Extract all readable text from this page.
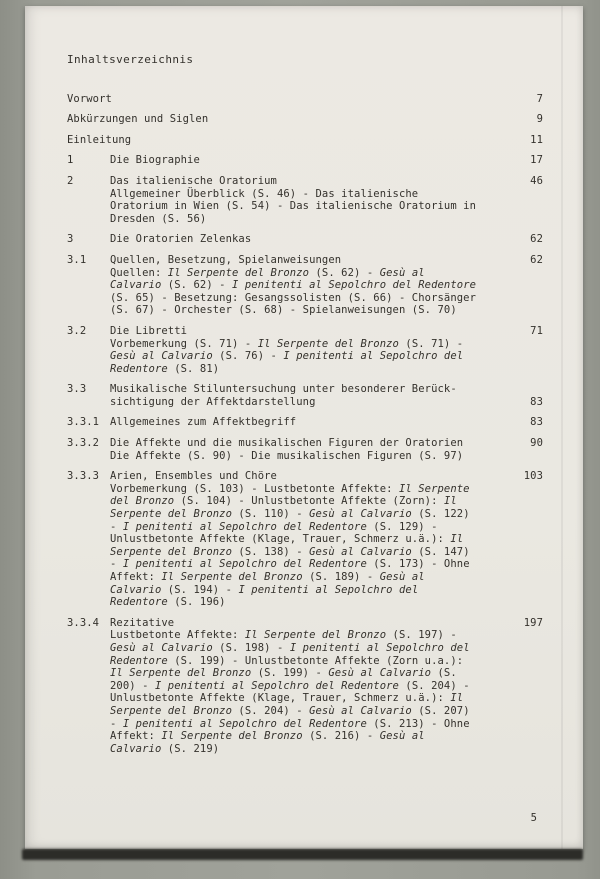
Inhaltsverzeichnis
Vorwort	7
Abkürzungen und Siglen	9
Einleitung	11
1	Die Biographie	17
2	Das italienische Oratorium	46
Allgemeiner Überblick (S. 46) - Das italienische Oratorium in Wien (S. 54) - Das italienische Oratorium in Dresden (S. 56)
3	Die Oratorien Zelenkas	62
3.1	Quellen, Besetzung, Spielanweisungen	62
Quellen: Il Serpente del Bronzo (S. 62) - Gesù al Calvario (S. 62) - I penitenti al Sepolchro del Redentore (S. 65) - Besetzung: Gesangssolisten (S. 66) - Chorsänger (S. 67) - Orchester (S. 68) - Spielanweisungen (S. 70)
3.2	Die Libretti	71
Vorbemerkung (S. 71) - Il Serpente del Bronzo (S. 71) - Gesù al Calvario (S. 76) - I penitenti al Sepolchro del Redentore (S. 81)
3.3	Musikalische Stiluntersuchung unter besonderer Berück-sichtigung der Affektdarstellung	83
3.3.1	Allgemeines zum Affektbegriff	83
3.3.2	Die Affekte und die musikalischen Figuren der Oratorien	90
Die Affekte (S. 90) - Die musikalischen Figuren (S. 97)
3.3.3	Arien, Ensembles und Chöre	103
Vorbemerkung (S. 103) - Lustbetonte Affekte: Il Serpente del Bronzo (S. 104) - Unlustbetonte Affekte (Zorn): Il Serpente del Bronzo (S. 110) - Gesù al Calvario (S. 122) - I penitenti al Sepolchro del Redentore (S. 129) - Unlustbetonte Affekte (Klage, Trauer, Schmerz u.ä.): Il Serpente del Bronzo (S. 138) - Gesù al Calvario (S. 147) - I penitenti al Sepolchro del Redentore (S. 173) - Ohne Affekt: Il Serpente del Bronzo (S. 189) - Gesù al Calvario (S. 194) - I penitenti al Sepolchro del Redentore (S. 196)
3.3.4	Rezitative	197
Lustbetonte Affekte: Il Serpente del Bronzo (S. 197) - Gesù al Calvario (S. 198) - I penitenti al Sepolchro del Redentore (S. 199) - Unlustbetonte Affekte (Zorn u.a.): Il Serpente del Bronzo (S. 199) - Gesù al Calvario (S. 200) - I penitenti al Sepolchro del Redentore (S. 204) - Unlustbetonte Affekte (Klage, Trauer, Schmerz u.ä.): Il Serpente del Bronzo (S. 204) - Gesù al Calvario (S. 207) - I penitenti al Sepolchro del Redentore (S. 213) - Ohne Affekt: Il Serpente del Bronzo (S. 216) - Gesù al Calvario (S. 219)
5
